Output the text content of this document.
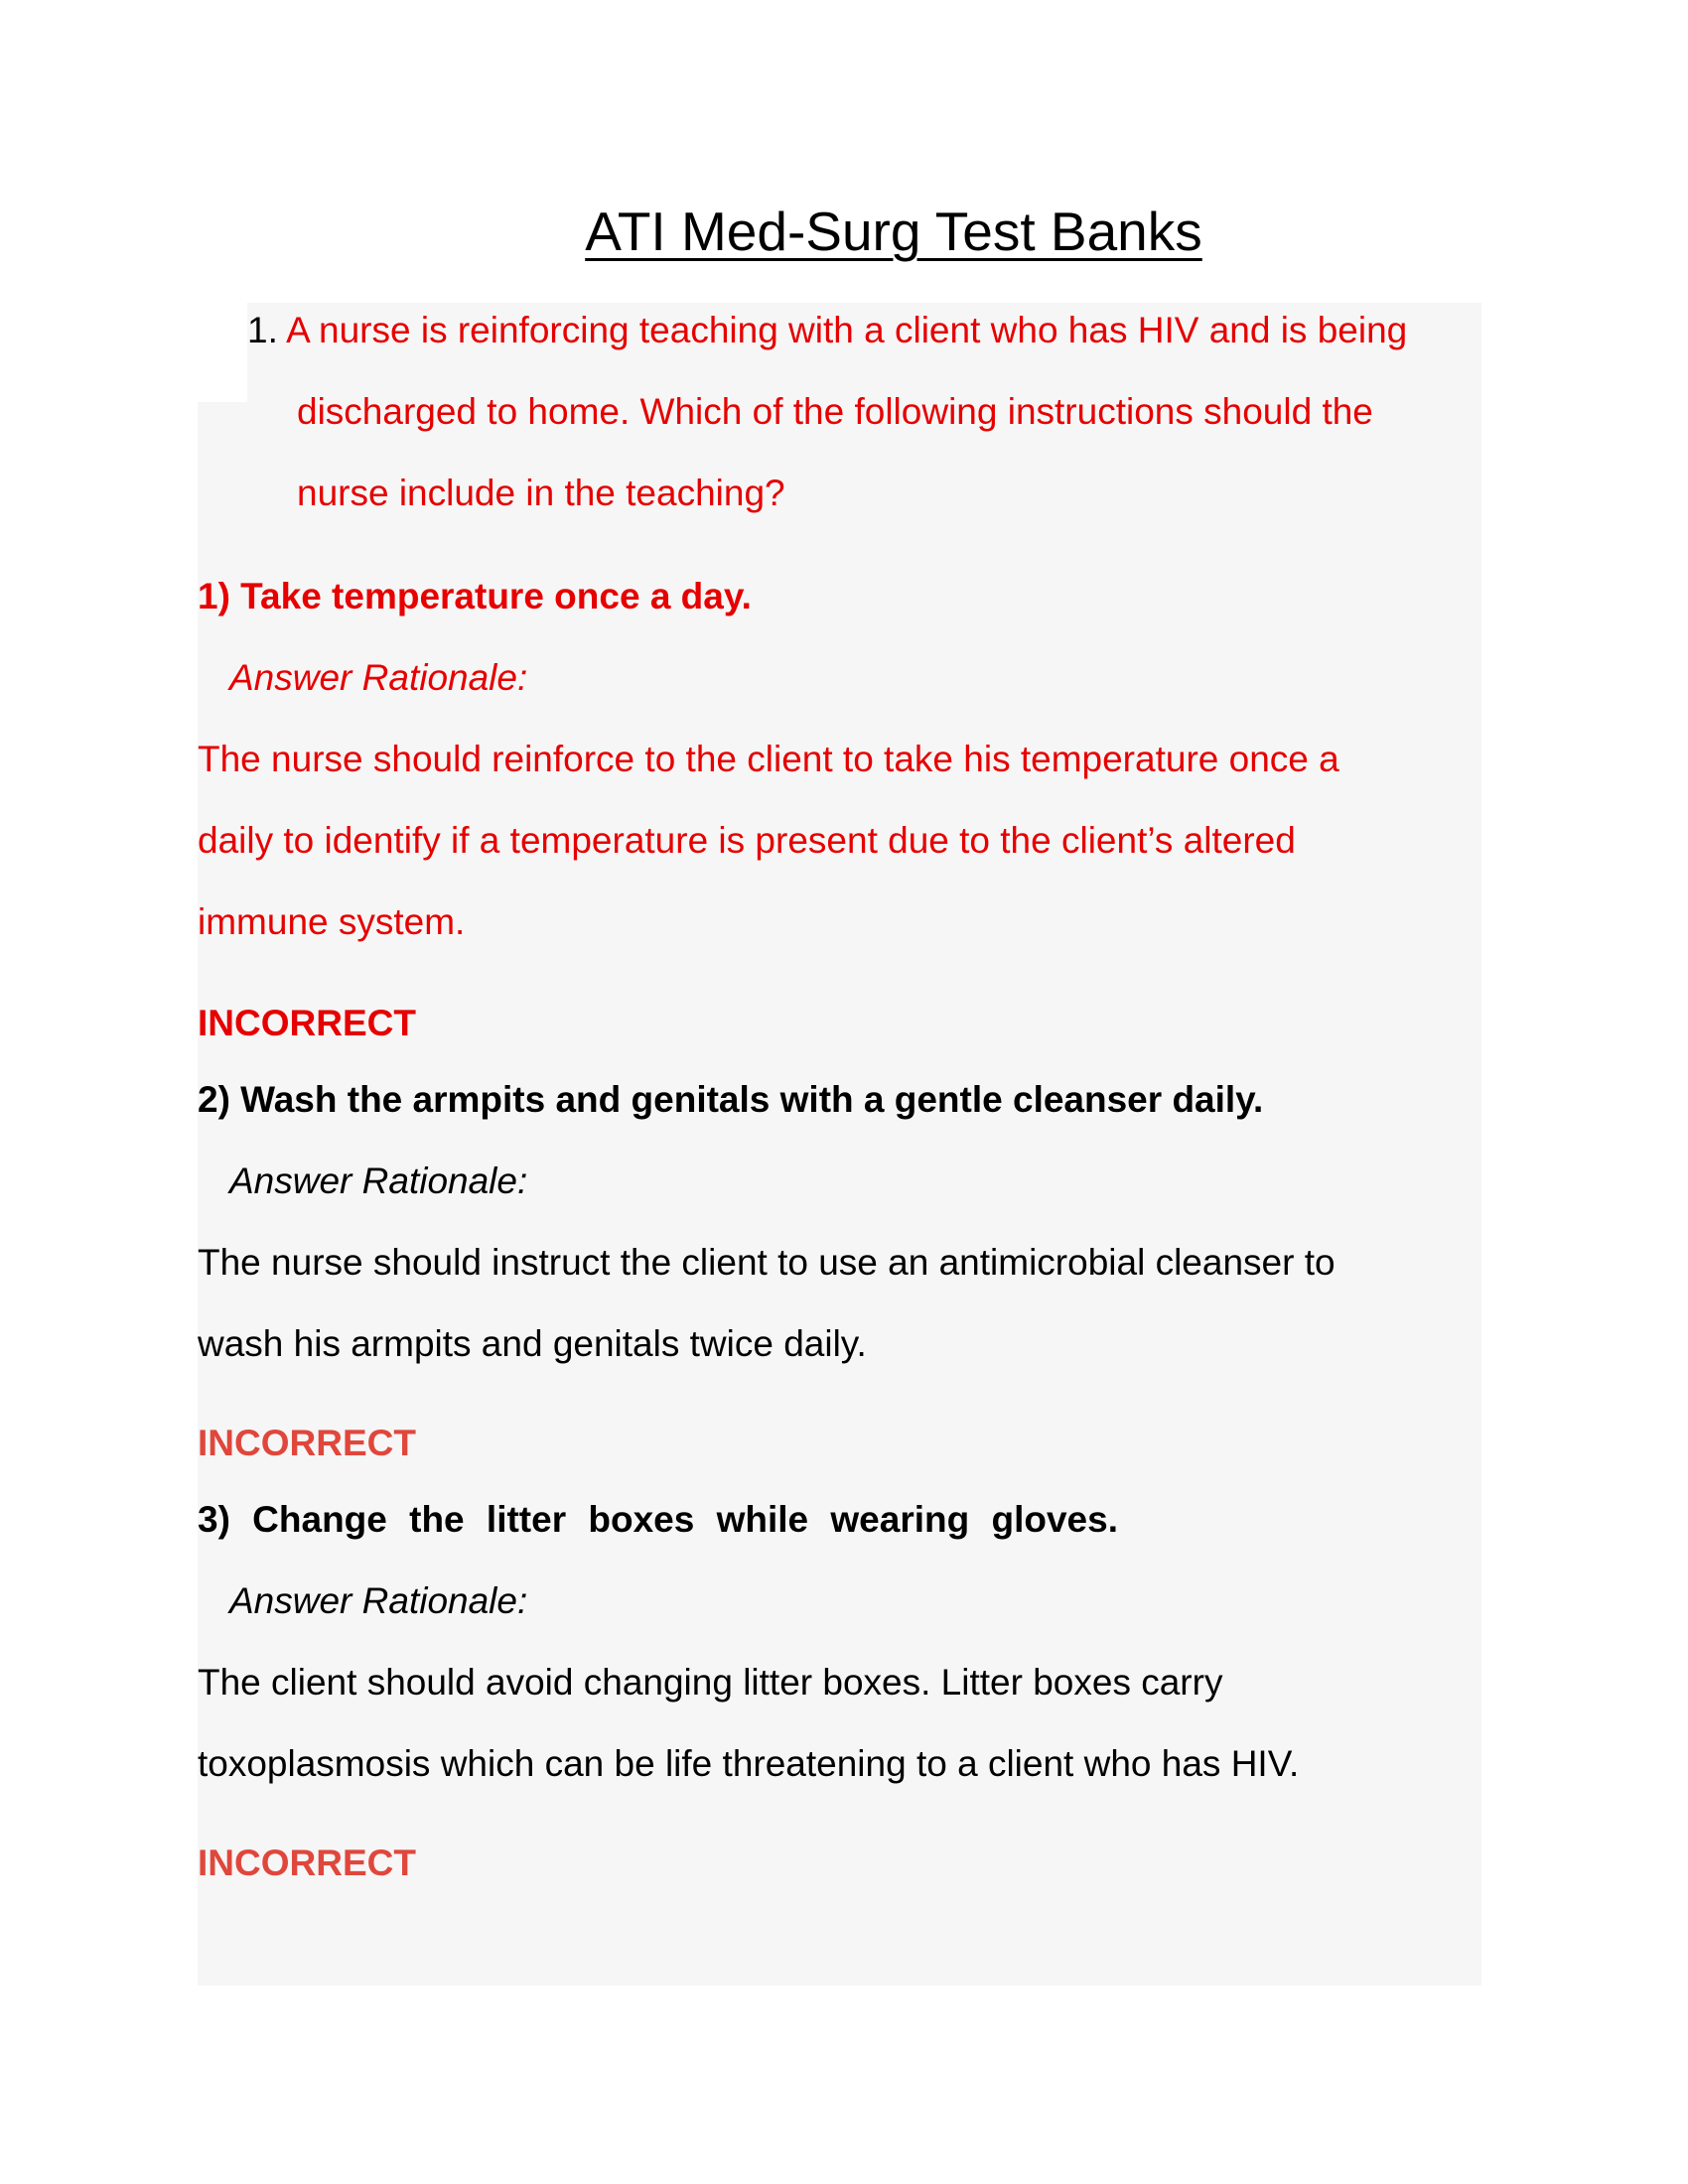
ATI Med-Surg Test Banks
1. A nurse is reinforcing teaching with a client who has HIV and is being
discharged to home. Which of the following instructions should the
nurse include in the teaching?
1) Take temperature once a day.
Answer Rationale:
The nurse should reinforce to the client to take his temperature once a
daily to identify if a temperature is present due to the client’s altered
immune system.
INCORRECT
2) Wash the armpits and genitals with a gentle cleanser daily.
Answer Rationale:
The nurse should instruct the client to use an antimicrobial cleanser to
wash his armpits and genitals twice daily.
INCORRECT
3) Change the litter boxes while wearing gloves.
Answer Rationale:
The client should avoid changing litter boxes. Litter boxes carry
toxoplasmosis which can be life threatening to a client who has HIV.
INCORRECT
